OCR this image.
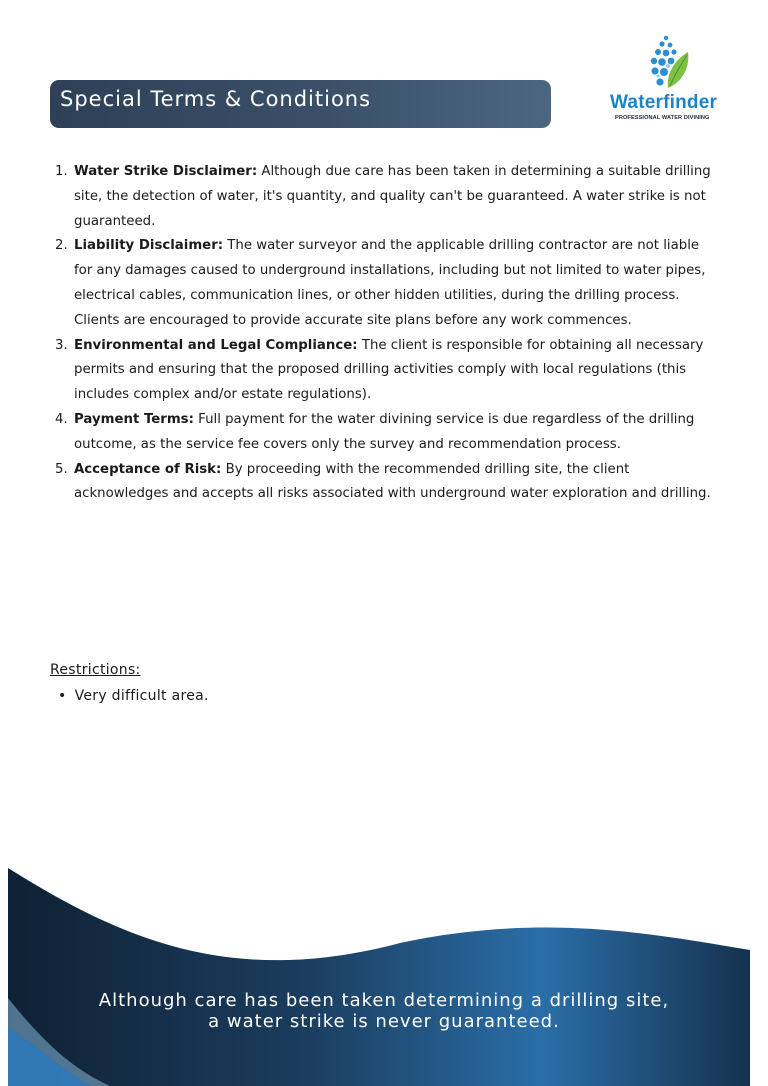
Special Terms & Conditions	Waterfinder
PROFESSIONAL WATER DIVINING
1. Water Strike Disclaimer: Although due care has been taken in determining a suitable drilling site, the detection of water, it's quantity, and quality can't be guaranteed. A water strike is not guaranteed.
2. Liability Disclaimer: The water surveyor and the applicable drilling contractor are not liable for any damages caused to underground installations, including but not limited to water pipes, electrical cables, communication lines, or other hidden utilities, during the drilling process. Clients are encouraged to provide accurate site plans before any work commences.
3. Environmental and Legal Compliance: The client is responsible for obtaining all necessary permits and ensuring that the proposed drilling activities comply with local regulations (this includes complex and/or estate regulations).
4. Payment Terms: Full payment for the water divining service is due regardless of the drilling outcome, as the service fee covers only the survey and recommendation process.
5. Acceptance of Risk: By proceeding with the recommended drilling site, the client acknowledges and accepts all risks associated with underground water exploration and drilling.
Restrictions:
• Very difficult area.
Although care has been taken determining a drilling site,
a water strike is never guaranteed.
